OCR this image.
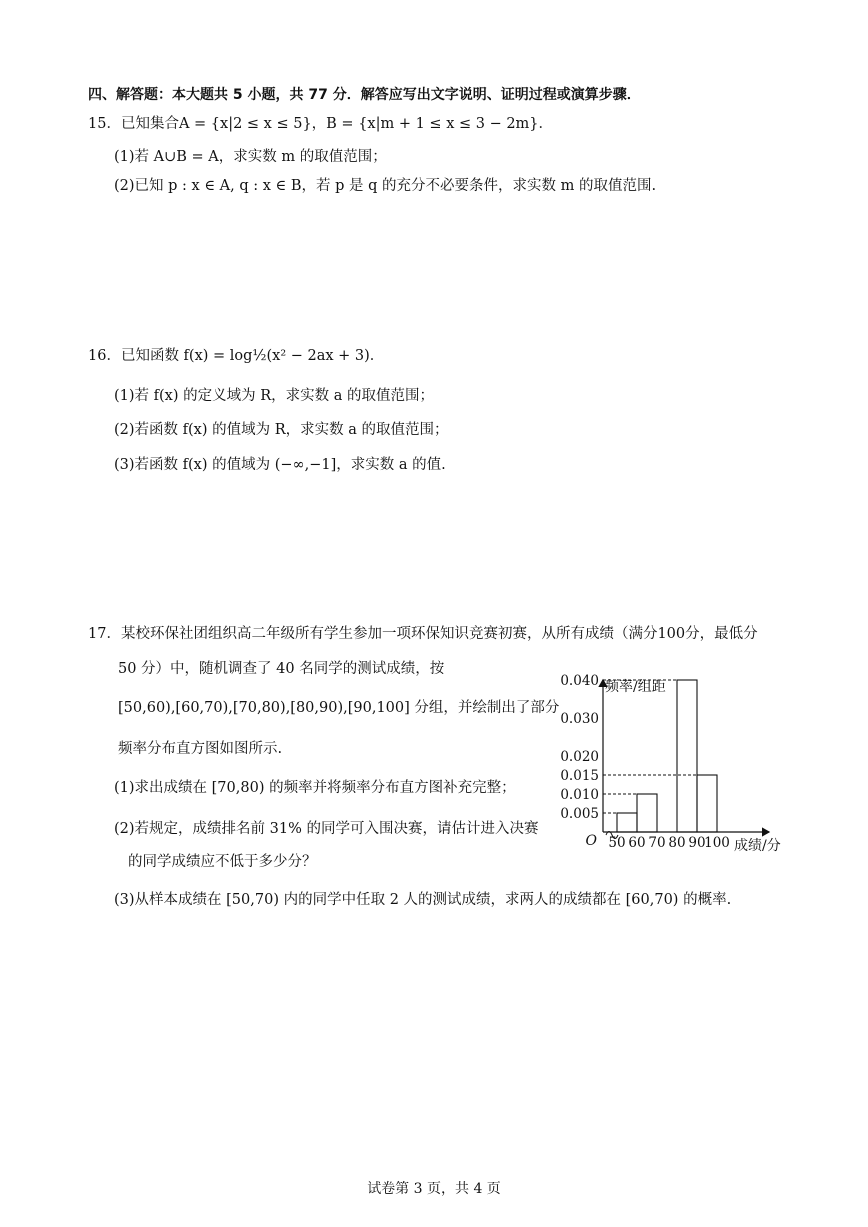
四、解答题：本大题共 5 小题，共 77 分．解答应写出文字说明、证明过程或演算步骤．
15．已知集合A = {x|2 ≤ x ≤ 5}，B = {x|m + 1 ≤ x ≤ 3 − 2m}．
(1)若 A∪B = A，求实数 m 的取值范围；
(2)已知 p : x ∈ A, q : x ∈ B，若 p 是 q 的充分不必要条件，求实数 m 的取值范围.
16．已知函数 f(x) = log½(x² − 2ax + 3)．
(1)若 f(x) 的定义域为 R，求实数 a 的取值范围；
(2)若函数 f(x) 的值域为 R，求实数 a 的取值范围；
(3)若函数 f(x) 的值域为 (−∞,−1]，求实数 a 的值.
17．某校环保社团组织高二年级所有学生参加一项环保知识竞赛初赛，从所有成绩（满分100分，最低分
50 分）中，随机调查了 40 名同学的测试成绩，按
[50,60),[60,70),[70,80),[80,90),[90,100] 分组，并绘制出了部分
频率分布直方图如图所示.
(1)求出成绩在 [70,80) 的频率并将频率分布直方图补充完整；
(2)若规定，成绩排名前 31% 的同学可入围决赛，请估计进入决赛
的同学成绩应不低于多少分？
(3)从样本成绩在 [50,70) 内的同学中任取 2 人的测试成绩，求两人的成绩都在 [60,70) 的概率.
0.005
0.010
0.015
0.020
0.030
0.040
50 60 70 80 90
100
O
频率/组距
成绩/分
试卷第 3 页，共 4 页
